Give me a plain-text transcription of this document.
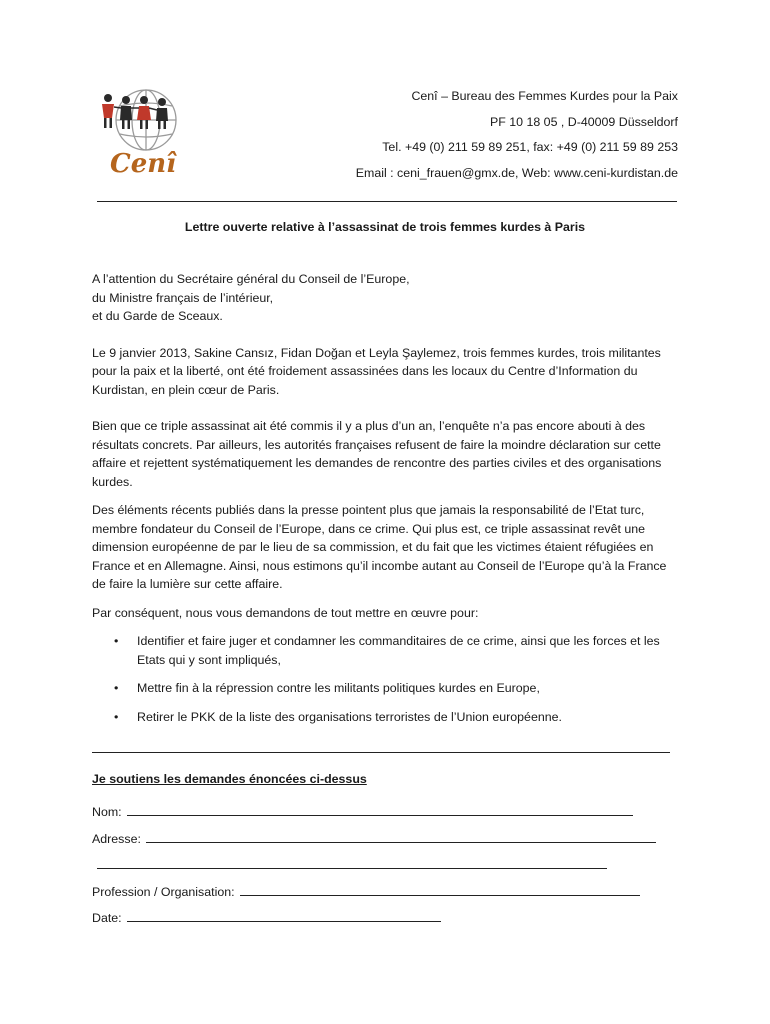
Cenî
Cenî – Bureau des Femmes Kurdes pour la Paix
PF 10 18 05 , D-40009 Düsseldorf
Tel. +49 (0) 211 59 89 251, fax: +49 (0) 211 59 89 253
Email : ceni_frauen@gmx.de, Web: www.ceni-kurdistan.de
Lettre ouverte relative à l’assassinat de trois femmes kurdes à Paris

A l’attention du Secrétaire général du Conseil de l’Europe,
du Ministre français de l’intérieur,
et du Garde de Sceaux.

Le 9 janvier 2013, Sakine Cansız, Fidan Doğan et Leyla Şaylemez, trois femmes kurdes, trois militantes pour la paix et la liberté, ont été froidement assassinées dans les locaux du Centre d’Information du Kurdistan, en plein cœur de Paris.

Bien que ce triple assassinat ait été commis il y a plus d’un an, l’enquête n’a pas encore abouti à des résultats concrets. Par ailleurs, les autorités françaises refusent de faire la moindre déclaration sur cette affaire et rejettent systématiquement les demandes de rencontre des parties civiles et des organisations kurdes.

Des éléments récents publiés dans la presse pointent plus que jamais la responsabilité de l’Etat turc, membre fondateur du Conseil de l’Europe, dans ce crime. Qui plus est, ce triple assassinat revêt une dimension européenne de par le lieu de sa commission, et du fait que les victimes étaient réfugiées en France et en Allemagne. Ainsi, nous estimons qu’il incombe autant au Conseil de l’Europe qu’à la France de faire la lumière sur cette affaire.

Par conséquent, nous vous demandons de tout mettre en œuvre pour:

• Identifier et faire juger et condamner les commanditaires de ce crime, ainsi que les forces et les Etats qui y sont impliqués,
• Mettre fin à la répression contre les militants politiques kurdes en Europe,
• Retirer le PKK de la liste des organisations terroristes de l’Union européenne.
Je soutiens les demandes énoncées ci-dessus
Nom:
Adresse:
Profession / Organisation:
Date:
